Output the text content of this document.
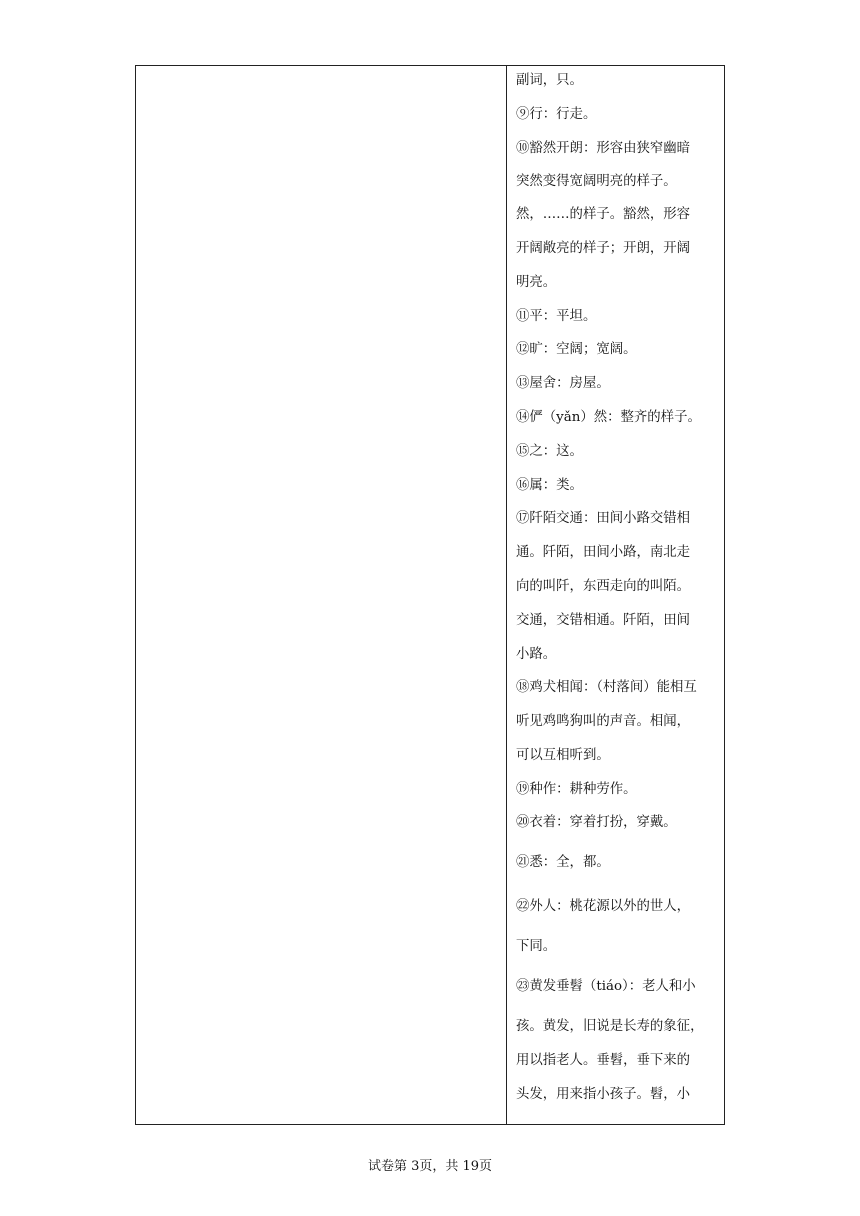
副词，只。
⑨行：行走。
⑩豁然开朗：形容由狭窄幽暗
突然变得宽阔明亮的样子。
然，……的样子。豁然，形容
开阔敞亮的样子；开朗，开阔
明亮。
⑪平：平坦。
⑫旷：空阔；宽阔。
⑬屋舍：房屋。
⑭俨（yǎn）然：整齐的样子。
⑮之：这。
⑯属：类。
⑰阡陌交通：田间小路交错相
通。阡陌，田间小路，南北走
向的叫阡，东西走向的叫陌。
交通，交错相通。阡陌，田间
小路。
⑱鸡犬相闻：（村落间）能相互
听见鸡鸣狗叫的声音。相闻，
可以互相听到。
⑲种作：耕种劳作。
⑳衣着：穿着打扮，穿戴。
㉑悉：全，都。
㉒外人：桃花源以外的世人，
下同。
㉓黄发垂髫（tiáo）：老人和小
孩。黄发，旧说是长寿的象征，
用以指老人。垂髫，垂下来的
头发，用来指小孩子。髫，小
试卷第 3页，共 19页
